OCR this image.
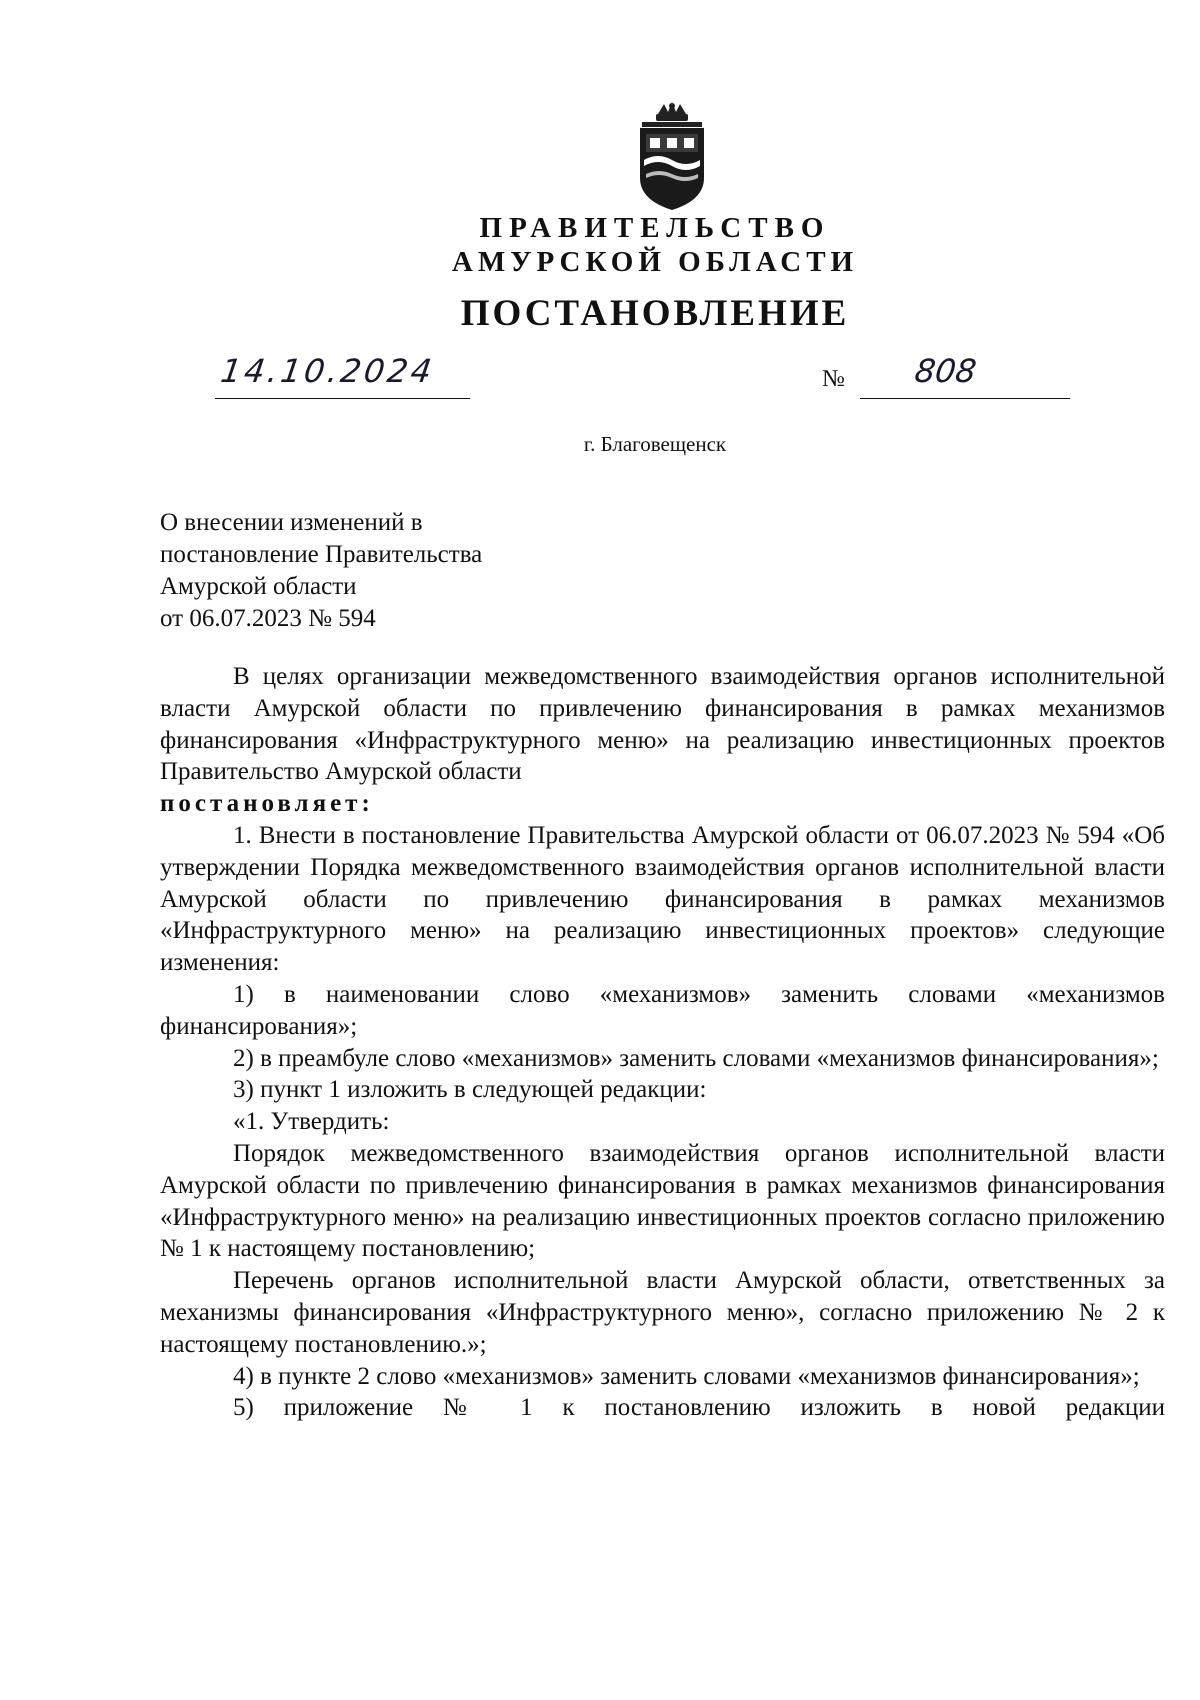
ПРАВИТЕЛЬСТВО
АМУРСКОЙ ОБЛАСТИ
ПОСТАНОВЛЕНИЕ
14.10.2024	№ 808
г. Благовещенск
О внесении изменений в
постановление Правительства
Амурской области
от 06.07.2023 № 594

В целях организации межведомственного взаимодействия органов исполнительной власти Амурской области по привлечению финансирования в рамках механизмов финансирования «Инфраструктурного меню» на реализацию инвестиционных проектов Правительство Амурской области

постановляет:

1. Внести в постановление Правительства Амурской области от 06.07.2023 № 594 «Об утверждении Порядка межведомственного взаимодействия органов исполнительной власти Амурской области по привлечению финансирования в рамках механизмов «Инфраструктурного меню» на реализацию инвестиционных проектов» следующие изменения:

1) в наименовании слово «механизмов» заменить словами «механизмов финансирования»;

2) в преамбуле слово «механизмов» заменить словами «механизмов финансирования»;

3) пункт 1 изложить в следующей редакции:

«1. Утвердить:

Порядок межведомственного взаимодействия органов исполнительной власти Амурской области по привлечению финансирования в рамках механизмов финансирования «Инфраструктурного меню» на реализацию инвестиционных проектов согласно приложению № 1 к настоящему постановлению;

Перечень органов исполнительной власти Амурской области, ответственных за механизмы финансирования «Инфраструктурного меню», согласно приложению № 2 к настоящему постановлению.»;

4) в пункте 2 слово «механизмов» заменить словами «механизмов финансирования»;

5) приложение № 1 к постановлению изложить в новой редакции
